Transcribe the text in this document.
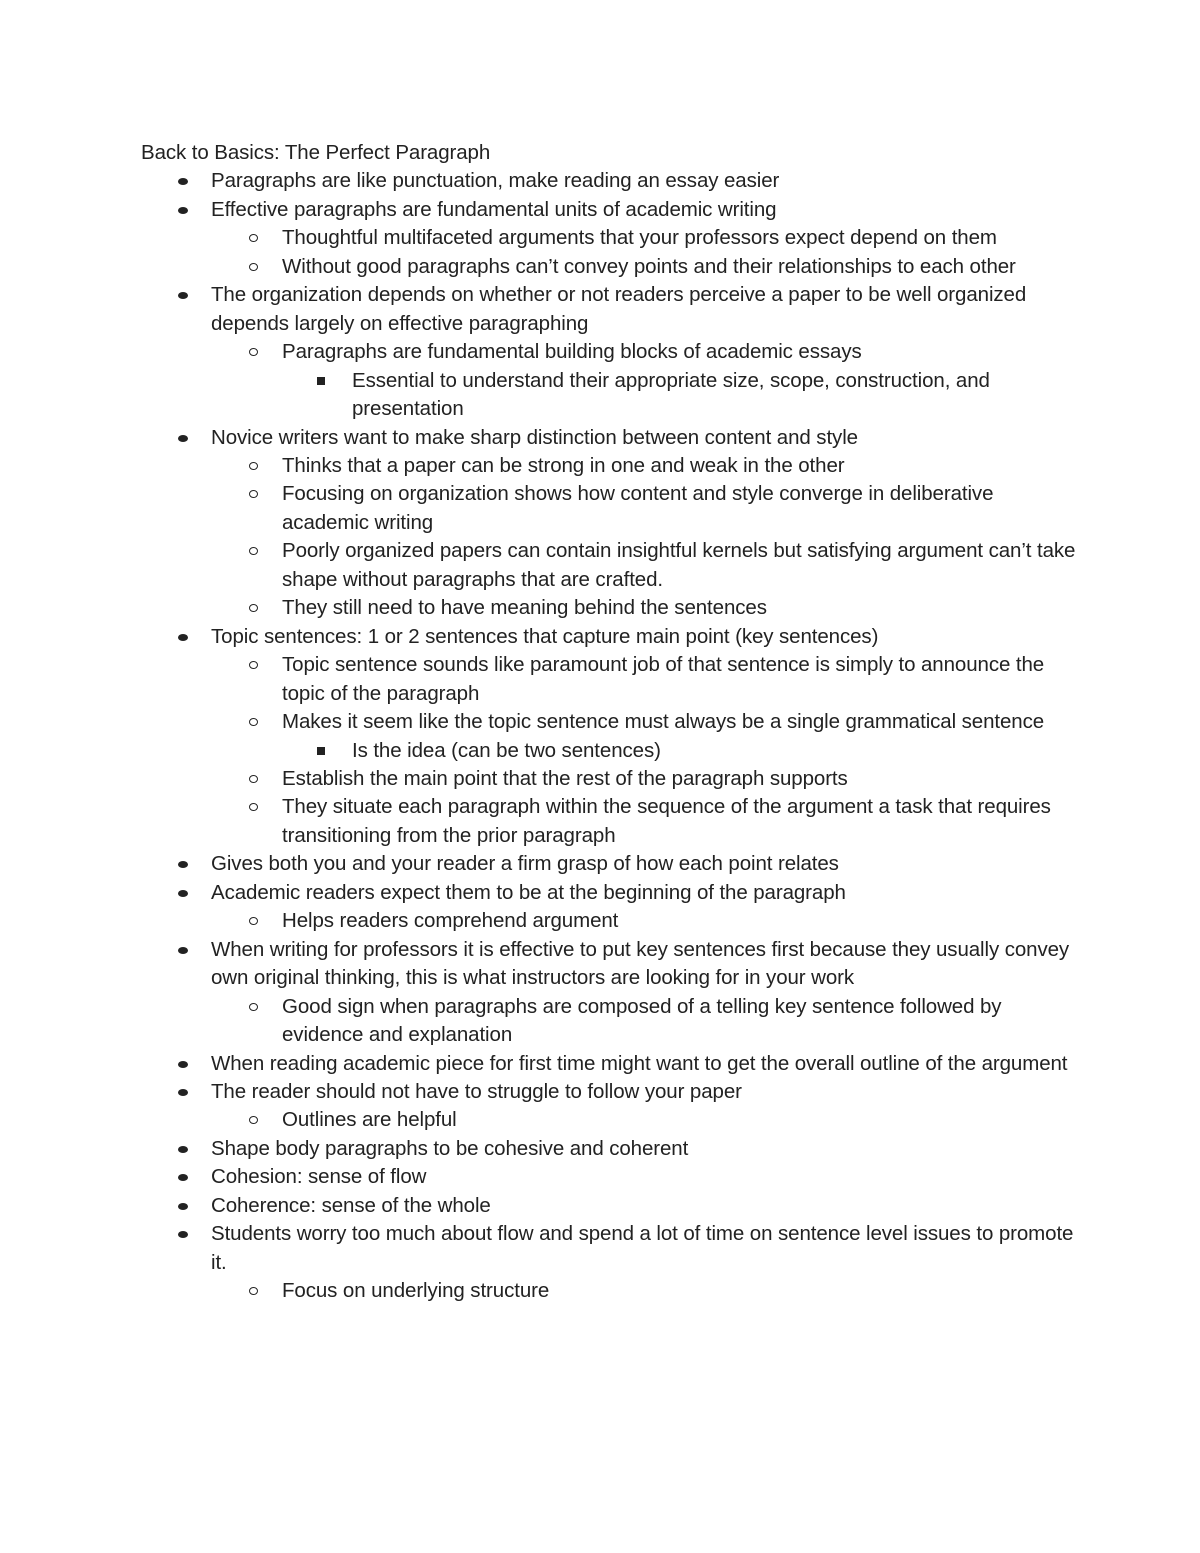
Back to Basics: The Perfect Paragraph
Paragraphs are like punctuation, make reading an essay easier
Effective paragraphs are fundamental units of academic writing
Thoughtful multifaceted arguments that your professors expect depend on them
Without good paragraphs can’t convey points and their relationships to each other
The organization depends on whether or not readers perceive a paper to be well organized depends largely on effective paragraphing
Paragraphs are fundamental building blocks of academic essays
Essential to understand their appropriate size, scope, construction, and presentation
Novice writers want to make sharp distinction between content and style
Thinks that a paper can be strong in one and weak in the other
Focusing on organization shows how content and style converge in deliberative academic writing
Poorly organized papers can contain insightful kernels but satisfying argument can’t take shape without paragraphs that are crafted.
They still need to have meaning behind the sentences
Topic sentences: 1 or 2 sentences that capture main point (key sentences)
Topic sentence sounds like paramount job of that sentence is simply to announce the topic of the paragraph
Makes it seem like the topic sentence must always be a single grammatical sentence
Is the idea (can be two sentences)
Establish the main point that the rest of the paragraph supports
They situate each paragraph within the sequence of the argument a task that requires transitioning from the prior paragraph
Gives both you and your reader a firm grasp of how each point relates
Academic readers expect them to be at the beginning of the paragraph
Helps readers comprehend argument
When writing for professors it is effective to put key sentences first because they usually convey own original thinking, this is what instructors are looking for in your work
Good sign when paragraphs are composed of a telling key sentence followed by evidence and explanation
When reading academic piece for first time might want to get the overall outline of the argument
The reader should not have to struggle to follow your paper
Outlines are helpful
Shape body paragraphs to be cohesive and coherent
Cohesion: sense of flow
Coherence: sense of the whole
Students worry too much about flow and spend a lot of time on sentence level issues to promote it.
Focus on underlying structure
